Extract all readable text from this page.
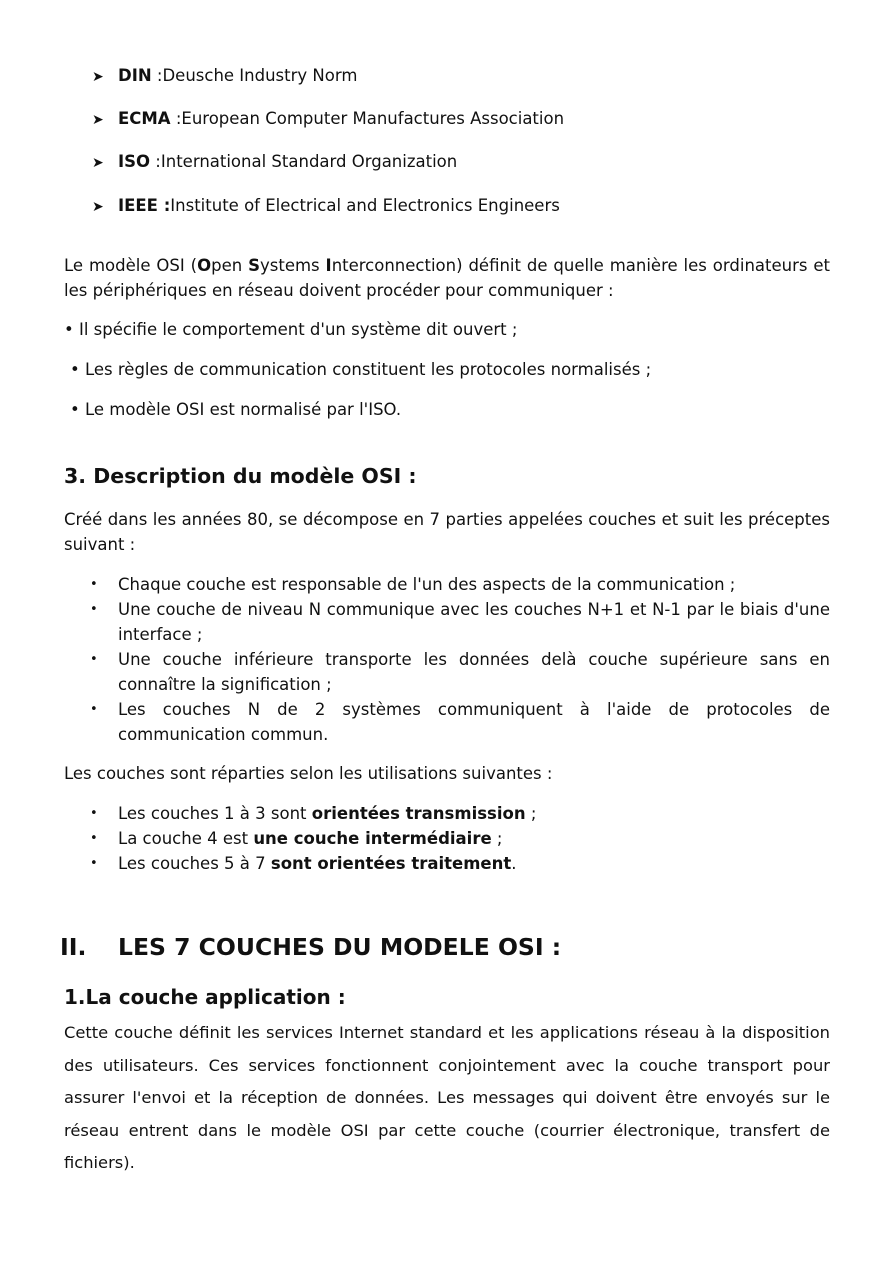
➤ DIN :Deusche Industry Norm
➤ ECMA :European Computer Manufactures Association
➤ ISO :International Standard Organization
➤ IEEE :Institute of Electrical and Electronics Engineers
Le modèle OSI (Open Systems Interconnection) définit de quelle manière les ordinateurs et les périphériques en réseau doivent procéder pour communiquer :
• Il spécifie le comportement d'un système dit ouvert ;
• Les règles de communication constituent les protocoles normalisés ;
• Le modèle OSI est normalisé par l'ISO.
3. Description du modèle OSI :
Créé dans les années 80, se décompose en 7 parties appelées couches et suit les préceptes suivant :
• Chaque couche est responsable de l'un des aspects de la communication ;
• Une couche de niveau N communique avec les couches N+1 et N-1 par le biais d'une interface ;
• Une couche inférieure transporte les données delà couche supérieure sans en connaître la signification ;
• Les couches N de 2 systèmes communiquent à l'aide de protocoles de communication commun.
Les couches sont réparties selon les utilisations suivantes :
• Les couches 1 à 3 sont orientées transmission ;
• La couche 4 est une couche intermédiaire ;
• Les couches 5 à 7 sont orientées traitement.
II. LES 7 COUCHES DU MODELE OSI :
1.La couche application :
Cette couche définit les services Internet standard et les applications réseau à la disposition des utilisateurs. Ces services fonctionnent conjointement avec la couche transport pour assurer l'envoi et la réception de données. Les messages qui doivent être envoyés sur le réseau entrent dans le modèle OSI par cette couche (courrier électronique, transfert de fichiers).
